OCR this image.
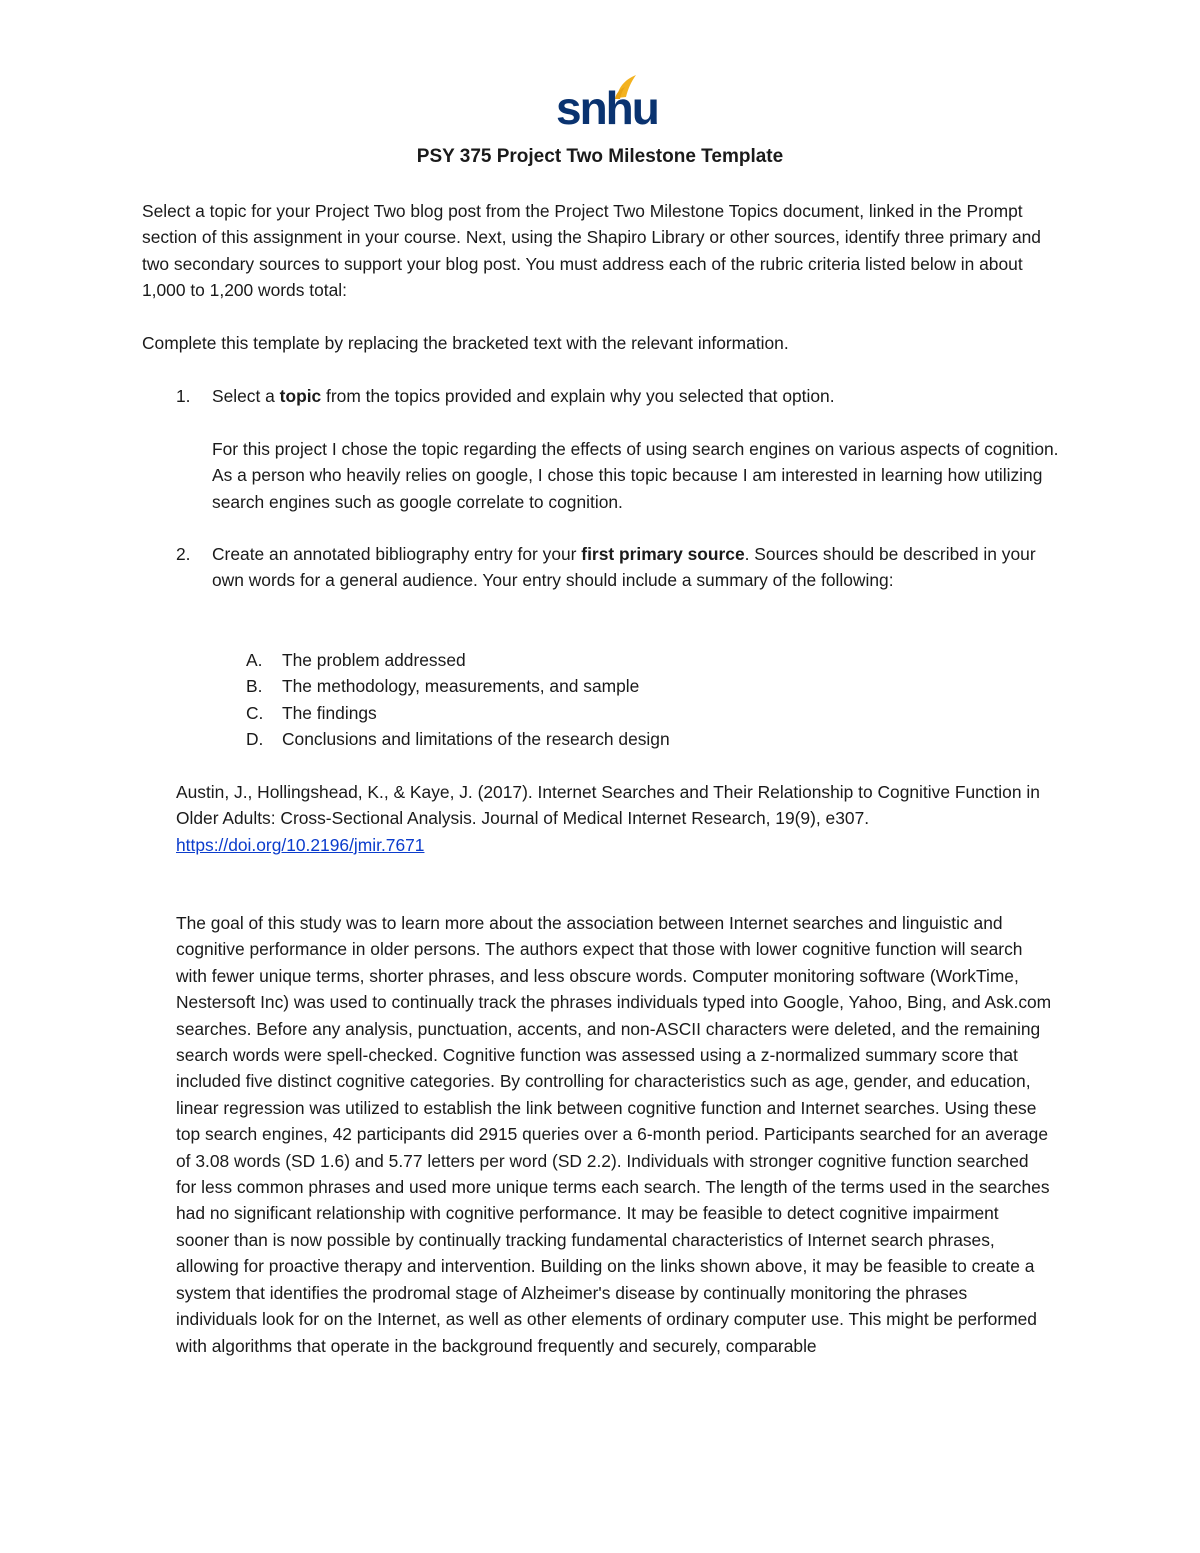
snhu
PSY 375 Project Two Milestone Template

Select a topic for your Project Two blog post from the Project Two Milestone Topics document, linked in the Prompt section of this assignment in your course. Next, using the Shapiro Library or other sources, identify three primary and two secondary sources to support your blog post. You must address each of the rubric criteria listed below in about 1,000 to 1,200 words total:

Complete this template by replacing the bracketed text with the relevant information.

1. Select a topic from the topics provided and explain why you selected that option.

For this project I chose the topic regarding the effects of using search engines on various aspects of cognition. As a person who heavily relies on google, I chose this topic because I am interested in learning how utilizing search engines such as google correlate to cognition.

2. Create an annotated bibliography entry for your first primary source. Sources should be described in your own words for a general audience. Your entry should include a summary of the following:
A. The problem addressed
B. The methodology, measurements, and sample
C. The findings
D. Conclusions and limitations of the research design

Austin, J., Hollingshead, K., & Kaye, J. (2017). Internet Searches and Their Relationship to Cognitive Function in Older Adults: Cross-Sectional Analysis. Journal of Medical Internet Research, 19(9), e307.
https://doi.org/10.2196/jmir.7671

The goal of this study was to learn more about the association between Internet searches and linguistic and cognitive performance in older persons. The authors expect that those with lower cognitive function will search with fewer unique terms, shorter phrases, and less obscure words. Computer monitoring software (WorkTime, Nestersoft Inc) was used to continually track the phrases individuals typed into Google, Yahoo, Bing, and Ask.com searches. Before any analysis, punctuation, accents, and non-ASCII characters were deleted, and the remaining search words were spell-checked. Cognitive function was assessed using a z-normalized summary score that included five distinct cognitive categories. By controlling for characteristics such as age, gender, and education, linear regression was utilized to establish the link between cognitive function and Internet searches. Using these top search engines, 42 participants did 2915 queries over a 6-month period. Participants searched for an average of 3.08 words (SD 1.6) and 5.77 letters per word (SD 2.2). Individuals with stronger cognitive function searched for less common phrases and used more unique terms each search. The length of the terms used in the searches had no significant relationship with cognitive performance. It may be feasible to detect cognitive impairment sooner than is now possible by continually tracking fundamental characteristics of Internet search phrases, allowing for proactive therapy and intervention. Building on the links shown above, it may be feasible to create a system that identifies the prodromal stage of Alzheimer's disease by continually monitoring the phrases individuals look for on the Internet, as well as other elements of ordinary computer use. This might be performed with algorithms that operate in the background frequently and securely, comparable
